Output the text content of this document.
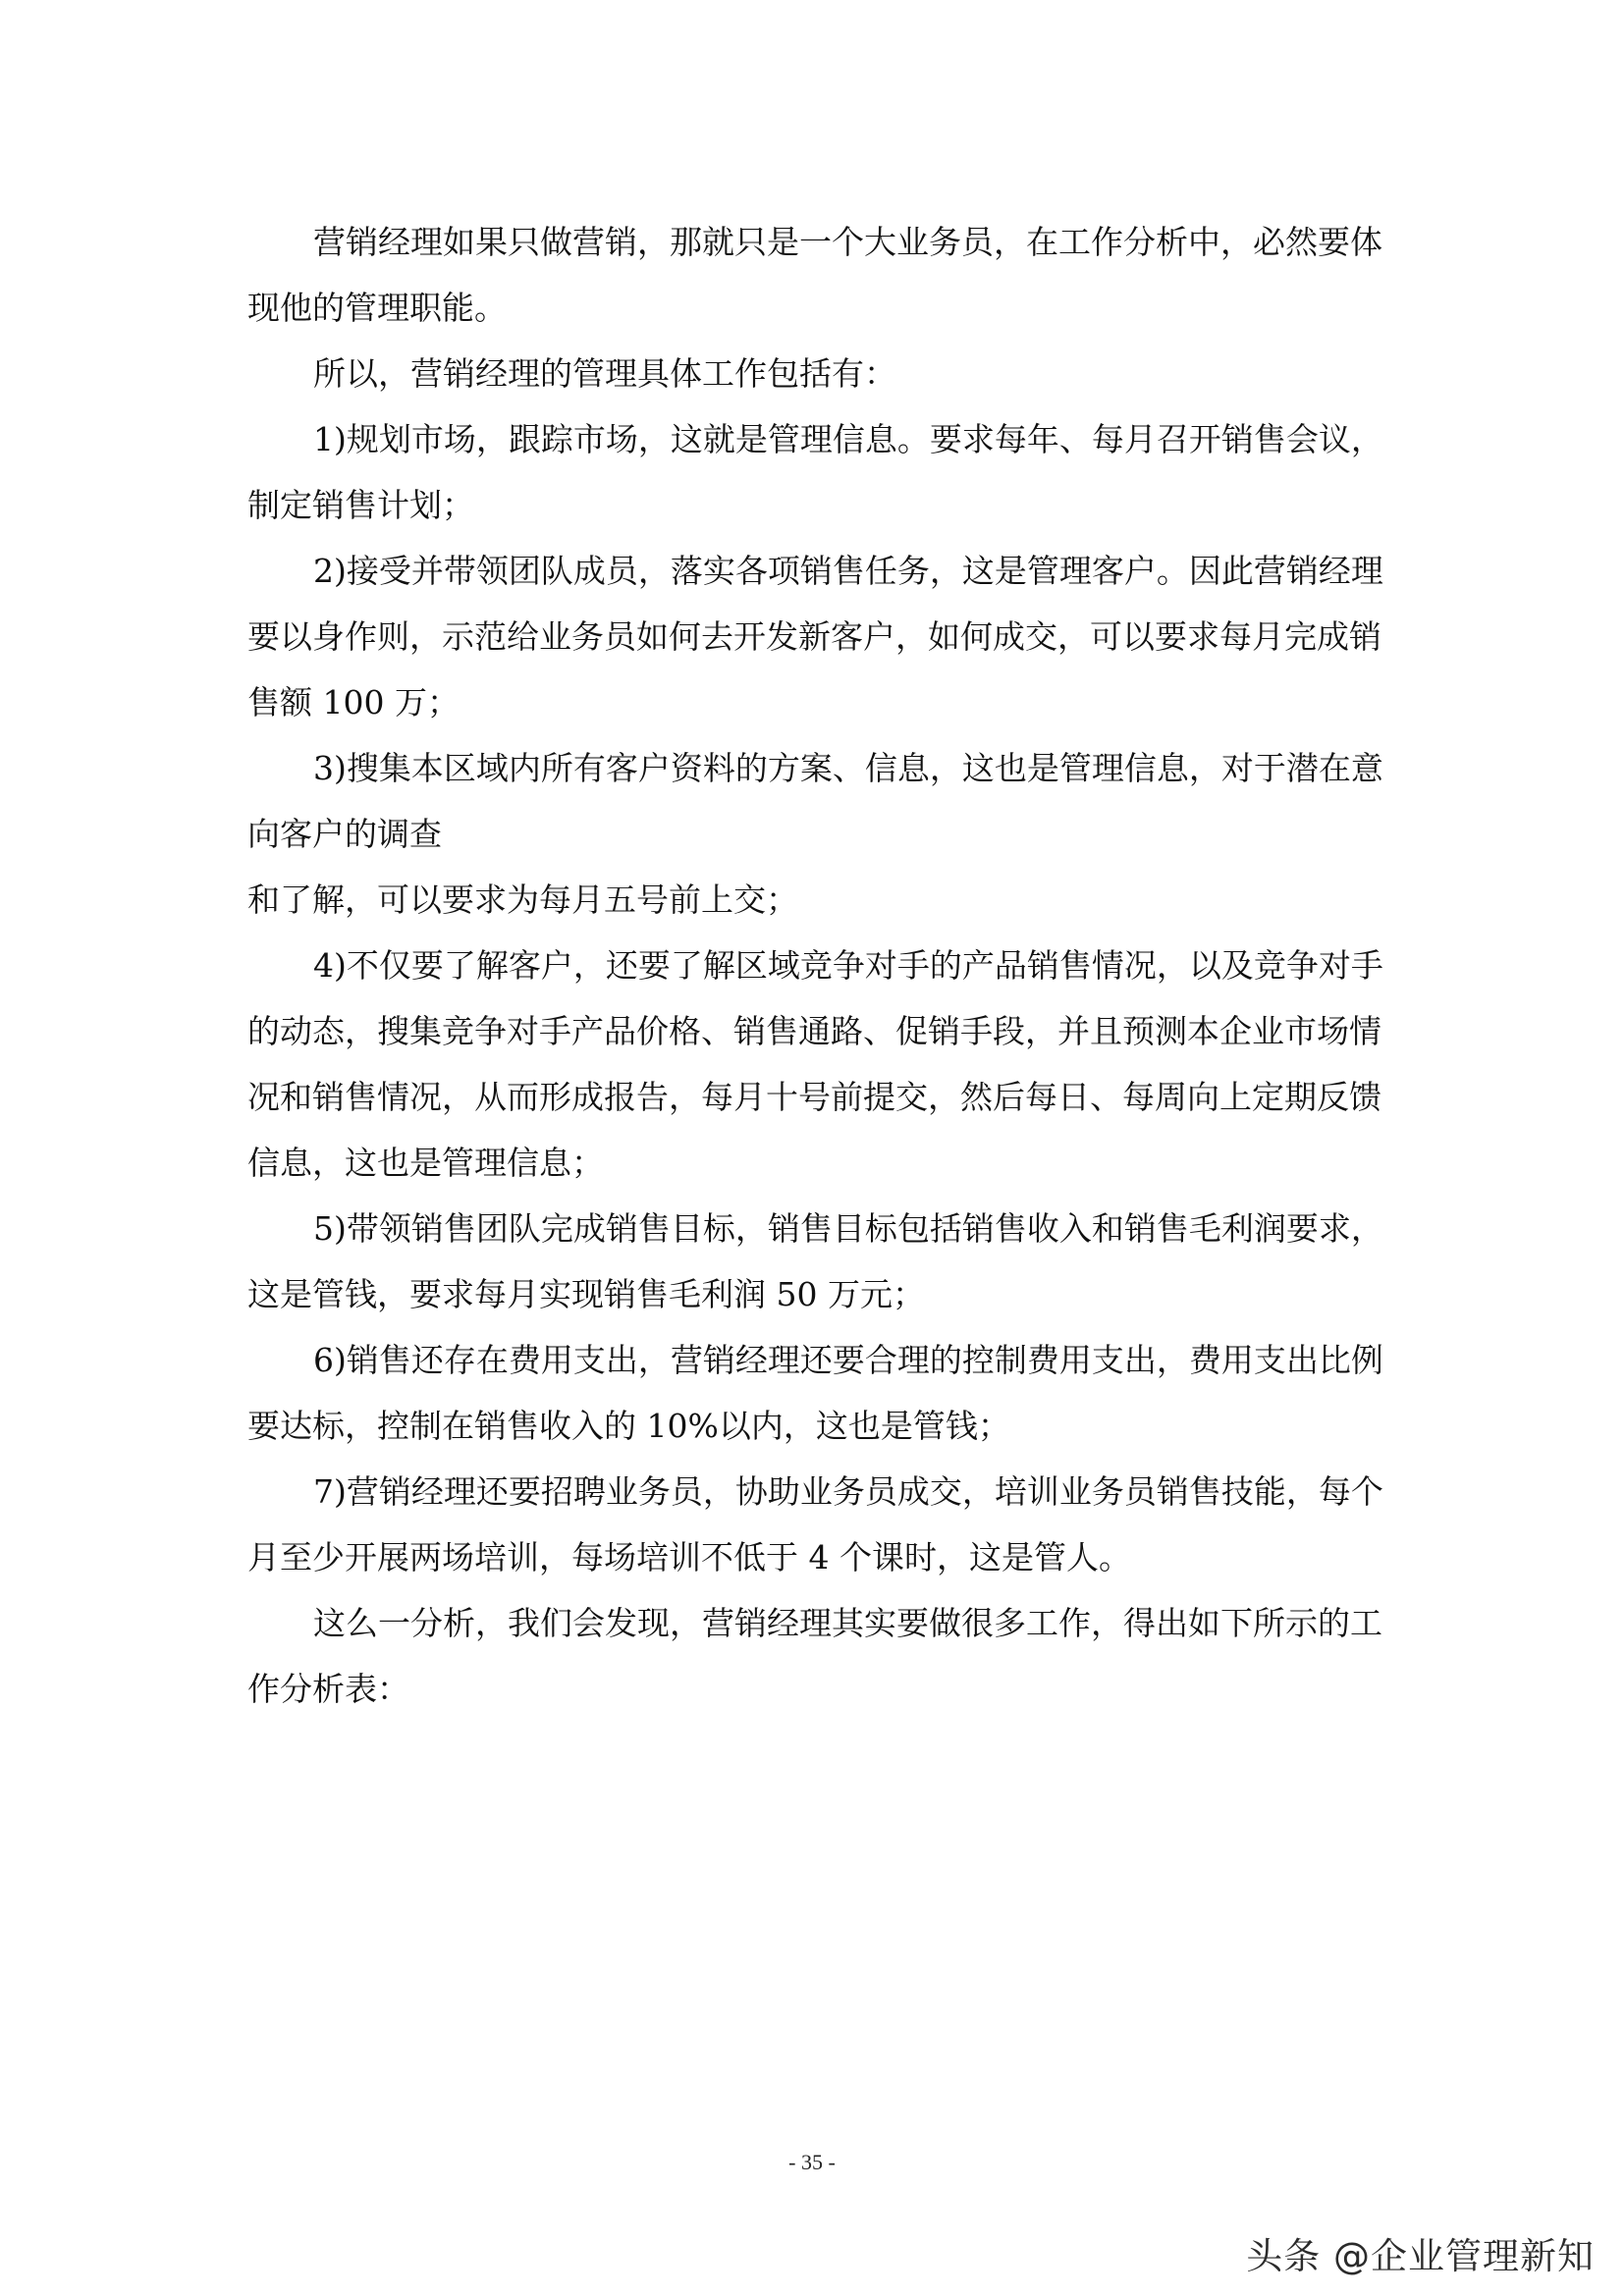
营销经理如果只做营销，那就只是一个大业务员，在工作分析中，必然要体
现他的管理职能。

所以，营销经理的管理具体工作包括有：

1)规划市场，跟踪市场，这就是管理信息。要求每年、每月召开销售会议，
制定销售计划；

2)接受并带领团队成员，落实各项销售任务，这是管理客户。因此营销经理
要以身作则，示范给业务员如何去开发新客户，如何成交，可以要求每月完成销
售额 100 万；

3)搜集本区域内所有客户资料的方案、信息，这也是管理信息，对于潜在意
向客户的调查
和了解，可以要求为每月五号前上交；

4)不仅要了解客户，还要了解区域竞争对手的产品销售情况，以及竞争对手
的动态，搜集竞争对手产品价格、销售通路、促销手段，并且预测本企业市场情
况和销售情况，从而形成报告，每月十号前提交，然后每日、每周向上定期反馈
信息，这也是管理信息；

5)带领销售团队完成销售目标，销售目标包括销售收入和销售毛利润要求，
这是管钱，要求每月实现销售毛利润 50 万元；

6)销售还存在费用支出，营销经理还要合理的控制费用支出，费用支出比例
要达标，控制在销售收入的 10%以内，这也是管钱；

7)营销经理还要招聘业务员，协助业务员成交，培训业务员销售技能，每个
月至少开展两场培训，每场培训不低于 4 个课时，这是管人。

这么一分析，我们会发现，营销经理其实要做很多工作，得出如下所示的工
作分析表：

- 35 -
头条 @企业管理新知
